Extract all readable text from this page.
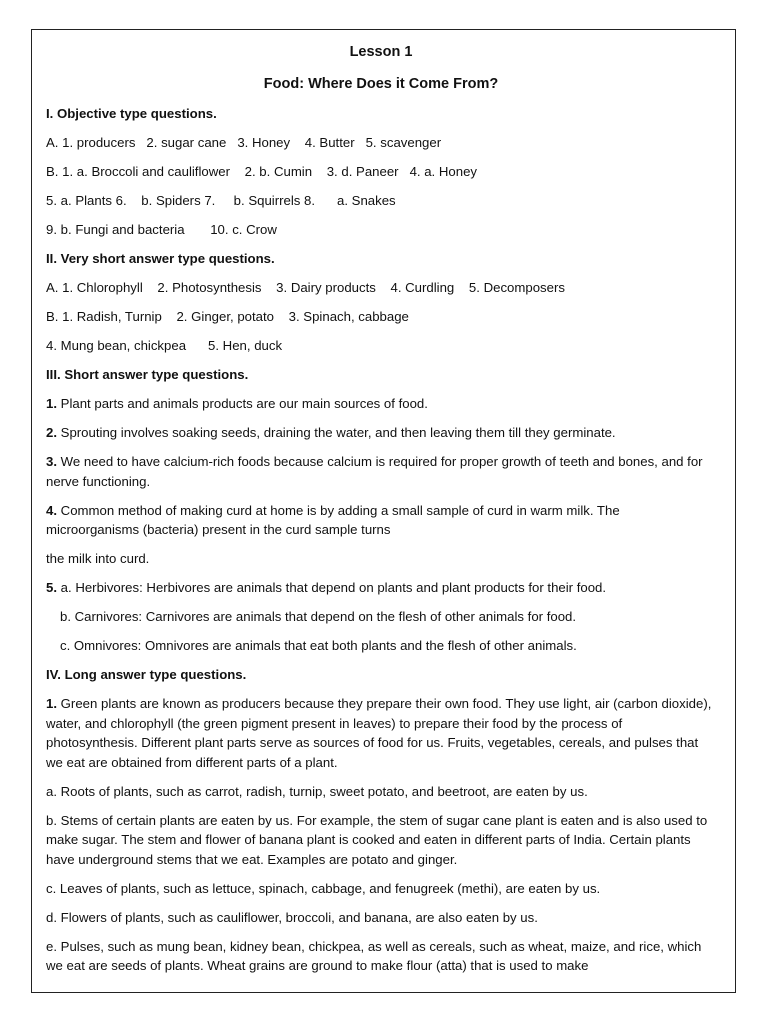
Lesson 1
Food: Where Does it Come From?
I. Objective type questions.

A. 1. producers   2. sugar cane   3. Honey    4. Butter   5. scavenger

B. 1. a. Broccoli and cauliflower    2. b. Cumin    3. d. Paneer   4. a. Honey

5. a. Plants 6.    b. Spiders 7.     b. Squirrels 8.      a. Snakes

9. b. Fungi and bacteria       10. c. Crow

II. Very short answer type questions.

A. 1. Chlorophyll    2. Photosynthesis    3. Dairy products    4. Curdling    5. Decomposers

B. 1. Radish, Turnip    2. Ginger, potato    3. Spinach, cabbage

4. Mung bean, chickpea      5. Hen, duck

III. Short answer type questions.

1. Plant parts and animals products are our main sources of food.

2. Sprouting involves soaking seeds, draining the water, and then leaving them till they germinate.

3. We need to have calcium-rich foods because calcium is required for proper growth of teeth and bones, and for nerve functioning.

4. Common method of making curd at home is by adding a small sample of curd in warm milk. The microorganisms (bacteria) present in the curd sample turns

the milk into curd.

5. a. Herbivores: Herbivores are animals that depend on plants and plant products for their food.

b. Carnivores: Carnivores are animals that depend on the flesh of other animals for food.

c. Omnivores: Omnivores are animals that eat both plants and the flesh of other animals.

IV. Long answer type questions.

1. Green plants are known as producers because they prepare their own food. They use light, air (carbon dioxide), water, and chlorophyll (the green pigment present in leaves) to prepare their food by the process of photosynthesis. Different plant parts serve as sources of food for us. Fruits, vegetables, cereals, and pulses that we eat are obtained from different parts of a plant.

a. Roots of plants, such as carrot, radish, turnip, sweet potato, and beetroot, are eaten by us.

b. Stems of certain plants are eaten by us. For example, the stem of sugar cane plant is eaten and is also used to make sugar. The stem and flower of banana plant is cooked and eaten in different parts of India. Certain plants have underground stems that we eat. Examples are potato and ginger.

c. Leaves of plants, such as lettuce, spinach, cabbage, and fenugreek (methi), are eaten by us.

d. Flowers of plants, such as cauliflower, broccoli, and banana, are also eaten by us.

e. Pulses, such as mung bean, kidney bean, chickpea, as well as cereals, such as wheat, maize, and rice, which we eat are seeds of plants. Wheat grains are ground to make flour (atta) that is used to make
